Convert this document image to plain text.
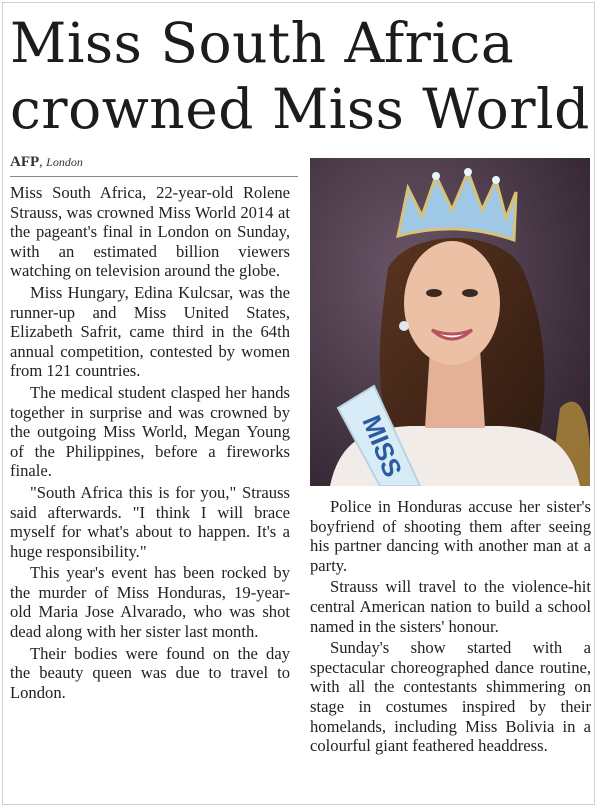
Miss South Africa
crowned Miss World
AFP, London

Miss South Africa, 22-year-old Rolene Strauss, was crowned Miss World 2014 at the pageant's final in London on Sunday, with an estimated billion viewers watching on television around the globe.

Miss Hungary, Edina Kulcsar, was the runner-up and Miss United States, Elizabeth Safrit, came third in the 64th annual competition, contested by women from 121 countries.

The medical student clasped her hands together in surprise and was crowned by the outgoing Miss World, Megan Young of the Philippines, before a fireworks finale.

"South Africa this is for you," Strauss said afterwards. "I think I will brace myself for what's about to happen. It's a huge responsibility."

This year's event has been rocked by the murder of Miss Honduras, 19-year-old Maria Jose Alvarado, who was shot dead along with her sister last month.

Their bodies were found on the day the beauty queen was due to travel to London.

MISS

Police in Honduras accuse her sister's boyfriend of shooting them after seeing his partner dancing with another man at a party.

Strauss will travel to the violence-hit central American nation to build a school named in the sisters' honour.

Sunday's show started with a spectacular choreographed dance routine, with all the contestants shimmering on stage in costumes inspired by their homelands, including Miss Bolivia in a colourful giant feathered headdress.
